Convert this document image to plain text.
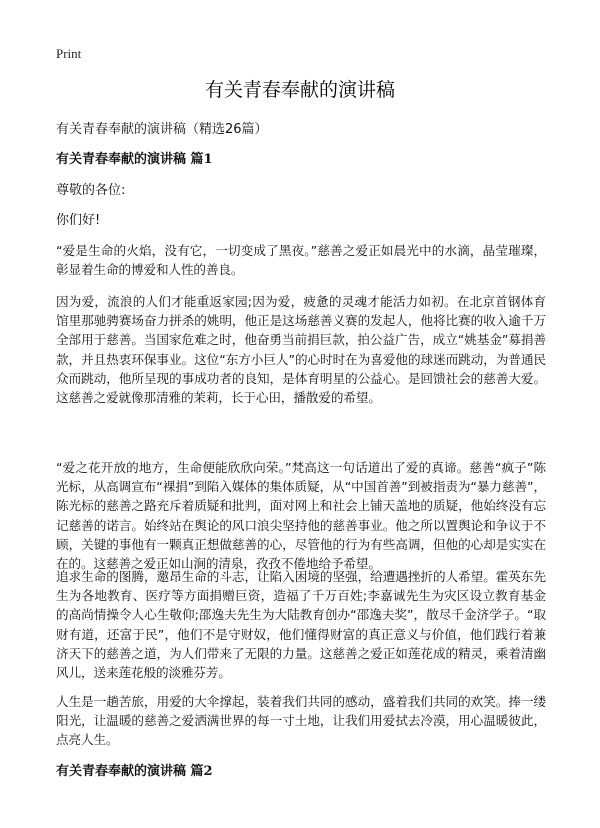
Print
有关青春奉献的演讲稿
有关青春奉献的演讲稿（精选26篇）
有关青春奉献的演讲稿 篇1
尊敬的各位:
你们好!

“爱是生命的火焰，没有它，一切变成了黑夜。”慈善之爱正如晨光中的水滴，晶莹璀璨，彰显着生命的博爱和人性的善良。

因为爱，流浪的人们才能重返家园;因为爱，疲惫的灵魂才能活力如初。在北京首钢体育馆里那驰骋赛场奋力拼杀的姚明，他正是这场慈善义赛的发起人，他将比赛的收入逾千万全部用于慈善。当国家危难之时，他奋勇当前捐巨款，拍公益广告，成立“姚基金”募捐善款，并且热衷环保事业。这位“东方小巨人”的心时时在为喜爱他的球迷而跳动，为普通民众而跳动，他所呈现的事成功者的良知，是体育明星的公益心。是回馈社会的慈善大爱。这慈善之爱就像那清雅的茉莉，长于心田，播散爱的希望。

“爱之花开放的地方，生命便能欣欣向荣。”梵高这一句话道出了爱的真谛。慈善“疯子”陈光标，从高调宣布“裸捐”到陷入媒体的集体质疑，从“中国首善”到被指责为“暴力慈善”，陈光标的慈善之路充斥着质疑和批判，面对网上和社会上铺天盖地的质疑，他始终没有忘记慈善的诺言。始终站在舆论的风口浪尖坚持他的慈善事业。他之所以置舆论和争议于不顾，关键的事他有一颗真正想做慈善的心，尽管他的行为有些高调，但他的心却是实实在在的。这慈善之爱正如山涧的清泉，孜孜不倦地给予希望。

追求生命的图腾，邀昂生命的斗志，让陷入困境的坚强，给遭遇挫折的人希望。霍英东先生为各地教育、医疗等方面捐赠巨资，造福了千万百姓;李嘉诚先生为灾区设立教育基金的高尚情操令人心生敬仰;邵逸夫先生为大陆教育创办“邵逸夫奖”，散尽千金济学子。“取财有道，还富于民”，他们不是守财奴，他们懂得财富的真正意义与价值，他们践行着兼济天下的慈善之道，为人们带来了无限的力量。这慈善之爱正如莲花成的精灵，乘着清幽风儿，送来莲花般的淡雅芬芳。

人生是一趟苦旅，用爱的大伞撑起，装着我们共同的感动，盛着我们共同的欢笑。捧一缕阳光，让温暖的慈善之爱洒满世界的每一寸土地，让我们用爱拭去冷漠，用心温暖彼此，点亮人生。

有关青春奉献的演讲稿 篇2
